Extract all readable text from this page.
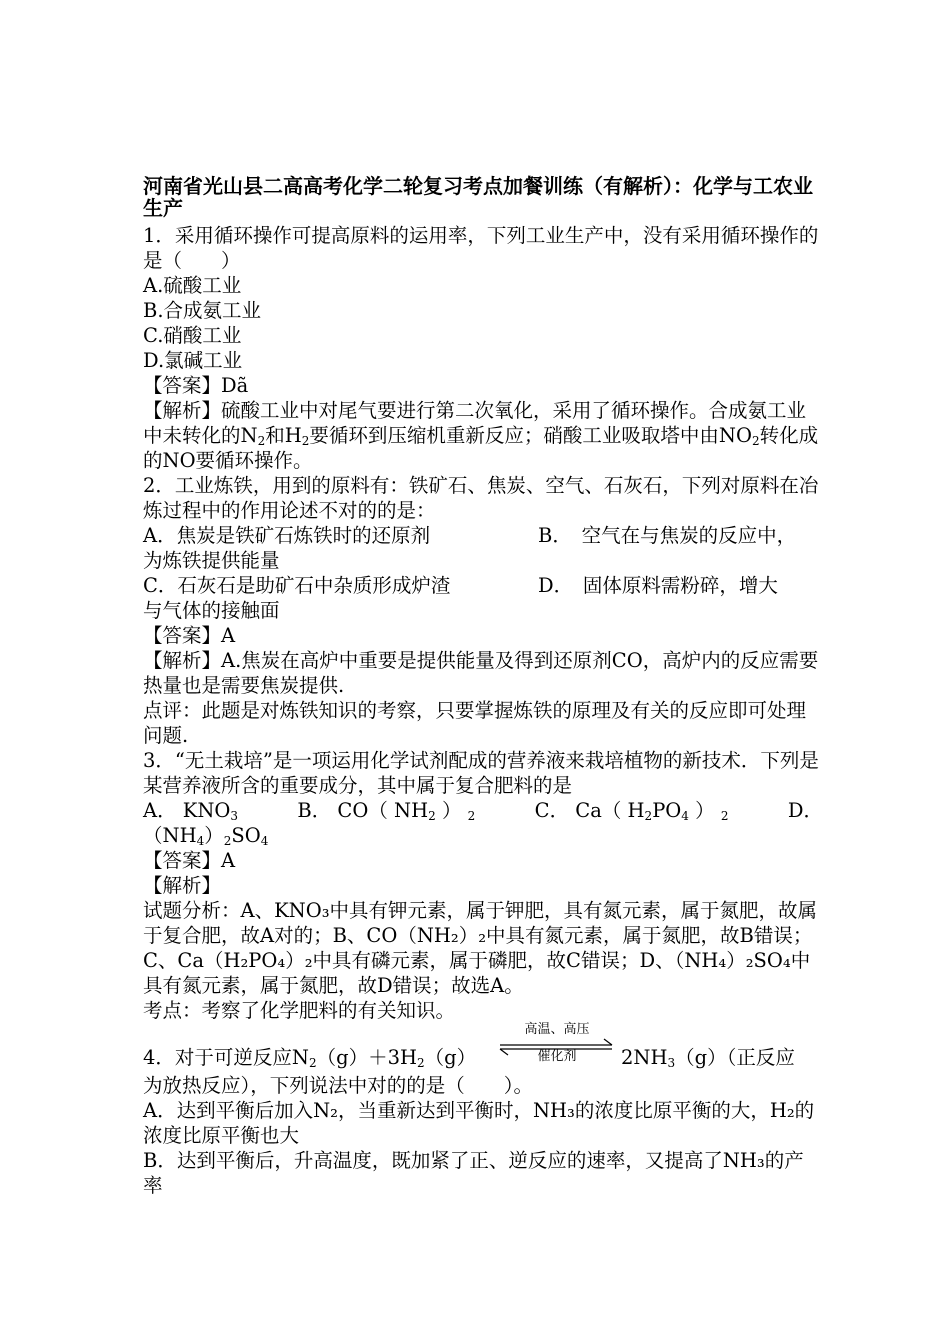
河南省光山县二高高考化学二轮复习考点加餐训练（有解析）：化学与工农业生产
1．采用循环操作可提高原料的运用率，下列工业生产中，没有采用循环操作的是（　　）
A.硫酸工业
B.合成氨工业
C.硝酸工业
D.氯碱工业
【答案】Dã
【解析】硫酸工业中对尾气要进行第二次氧化，采用了循环操作。合成氨工业中未转化的$N_2$和$H_2$要循环到压缩机重新反应；硝酸工业吸取塔中由$NO_2$转化成的NO要循环操作。
2．工业炼铁，用到的原料有：铁矿石、焦炭、空气、石灰石，下列对原料在冶炼过程中的作用论述不对的的是：
A．焦炭是铁矿石炼铁时的还原剂	B．　空气在与焦炭的反应中，
为炼铁提供能量
C．石灰石是助矿石中杂质形成炉渣	D．　固体原料需粉碎，增大
与气体的接触面
【答案】A
【解析】A.焦炭在高炉中重要是提供能量及得到还原剂CO，高炉内的反应需要热量也是需要焦炭提供.
点评：此题是对炼铁知识的考察，只要掌握炼铁的原理及有关的反应即可处理问题.
3．“无土栽培”是一项运用化学试剂配成的营养液来栽培植物的新技术．下列是某营养液所含的重要成分，其中属于复合肥料的是
A． $KNO_3$	B． CO（ $NH_2$ ） $_2$	C． Ca（ $H_2PO_4$ ） $_2$	D．
$(NH_4)_2SO_4$
【答案】A
【解析】
试题分析：A、KNO₃中具有钾元素，属于钾肥，具有氮元素，属于氮肥，故属于复合肥，故A对的；B、CO（NH₂）₂中具有氮元素，属于氮肥，故B错误；C、Ca（H₂PO₄）₂中具有磷元素，属于磷肥，故C错误；D、（NH₄）₂SO₄中具有氮元素，属于氮肥，故D错误；故选A。
考点：考察了化学肥料的有关知识。
4．对于可逆反应$N_2(g)+3H_2(g)$
高温、高压
催化剂	$2NH_3(g)$（正反应
为放热反应），下列说法中对的的是（　　）。
A．达到平衡后加入N₂，当重新达到平衡时，NH₃的浓度比原平衡的大，H₂的浓度比原平衡也大
B．达到平衡后，升高温度，既加紧了正、逆反应的速率，又提高了NH₃的产率
